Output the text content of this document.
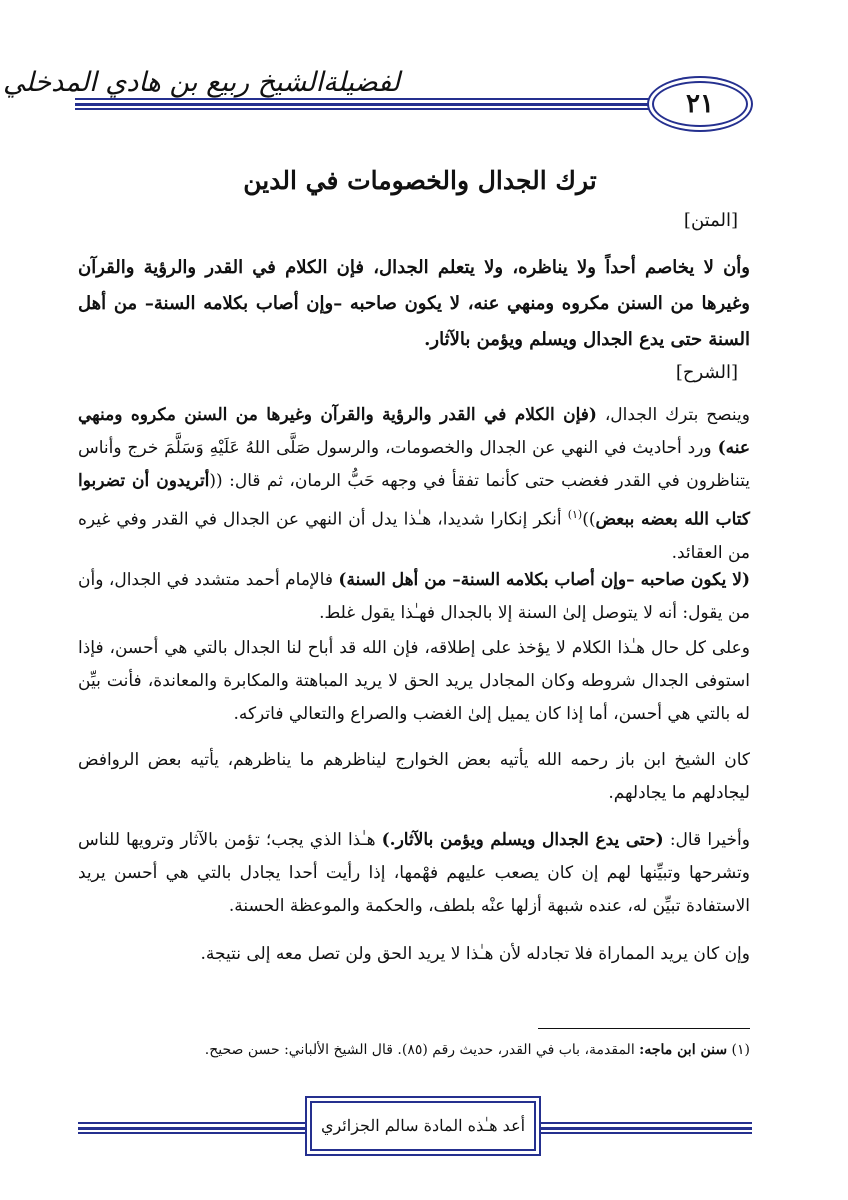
لفضيلةالشيخ ربيع بن هادي المدخلي
٢١
ترك الجدال والخصومات في الدين
[المتن]
وأن لا يخاصم أحداً ولا يناظره، ولا يتعلم الجدال، فإن الكلام في القدر والرؤية والقرآن وغيرها من السنن مكروه ومنهي عنه، لا يكون صاحبه –وإن أصاب بكلامه السنة– من أهل السنة حتى يدع الجدال ويسلم ويؤمن بالآثار.
[الشرح]
وينصح بترك الجدال، (فإن الكلام في القدر والرؤية والقرآن وغيرها من السنن مكروه ومنهي عنه) ورد أحاديث في النهي عن الجدال والخصومات، والرسول صَلَّى اللهُ عَلَيْهِ وَسَلَّمَ خرج وأناس يتناظرون في القدر فغضب حتى كأنما تفقأ في وجهه حَبُّ الرمان، ثم قال: ((أتريدون أن تضربوا كتاب الله بعضه ببعض))$^{(١)}$ أنكر إنكارا شديدا، هـٰذا يدل أن النهي عن الجدال في القدر وفي غيره من العقائد.
(لا يكون صاحبه –وإن أصاب بكلامه السنة– من أهل السنة) فالإمام أحمد متشدد في الجدال، وأن من يقول: أنه لا يتوصل إلىٰ السنة إلا بالجدال فهـٰذا يقول غلط.
وعلى كل حال هـٰذا الكلام لا يؤخذ على إطلاقه، فإن الله قد أباح لنا الجدال بالتي هي أحسن، فإذا استوفى الجدال شروطه وكان المجادل يريد الحق لا يريد المباهتة والمكابرة والمعاندة، فأنت بيِّن له بالتي هي أحسن، أما إذا كان يميل إلىٰ الغضب والصراع والتعالي فاتركه.
كان الشيخ ابن باز رحمه الله يأتيه بعض الخوارج ليناظرهم ما يناظرهم، يأتيه بعض الروافض ليجادلهم ما يجادلهم.
وأخيرا قال: (حتى يدع الجدال ويسلم ويؤمن بالآثار.) هـٰذا الذي يجب؛ تؤمن بالآثار وترويها للناس وتشرحها وتبيِّنها لهم إن كان يصعب عليهم فهْمها، إذا رأيت أحدا يجادل بالتي هي أحسن يريد الاستفادة تبيِّن له، عنده شبهة أزلها عنْه بلطف، والحكمة والموعظة الحسنة.
وإن كان يريد المماراة فلا تجادله لأن هـٰذا لا يريد الحق ولن تصل معه إلى نتيجة.
(١) سنن ابن ماجه: المقدمة، باب في القدر، حديث رقم (٨٥). قال الشيخ الألباني: حسن صحيح.
أعد هـٰذه المادة سالم الجزائري
